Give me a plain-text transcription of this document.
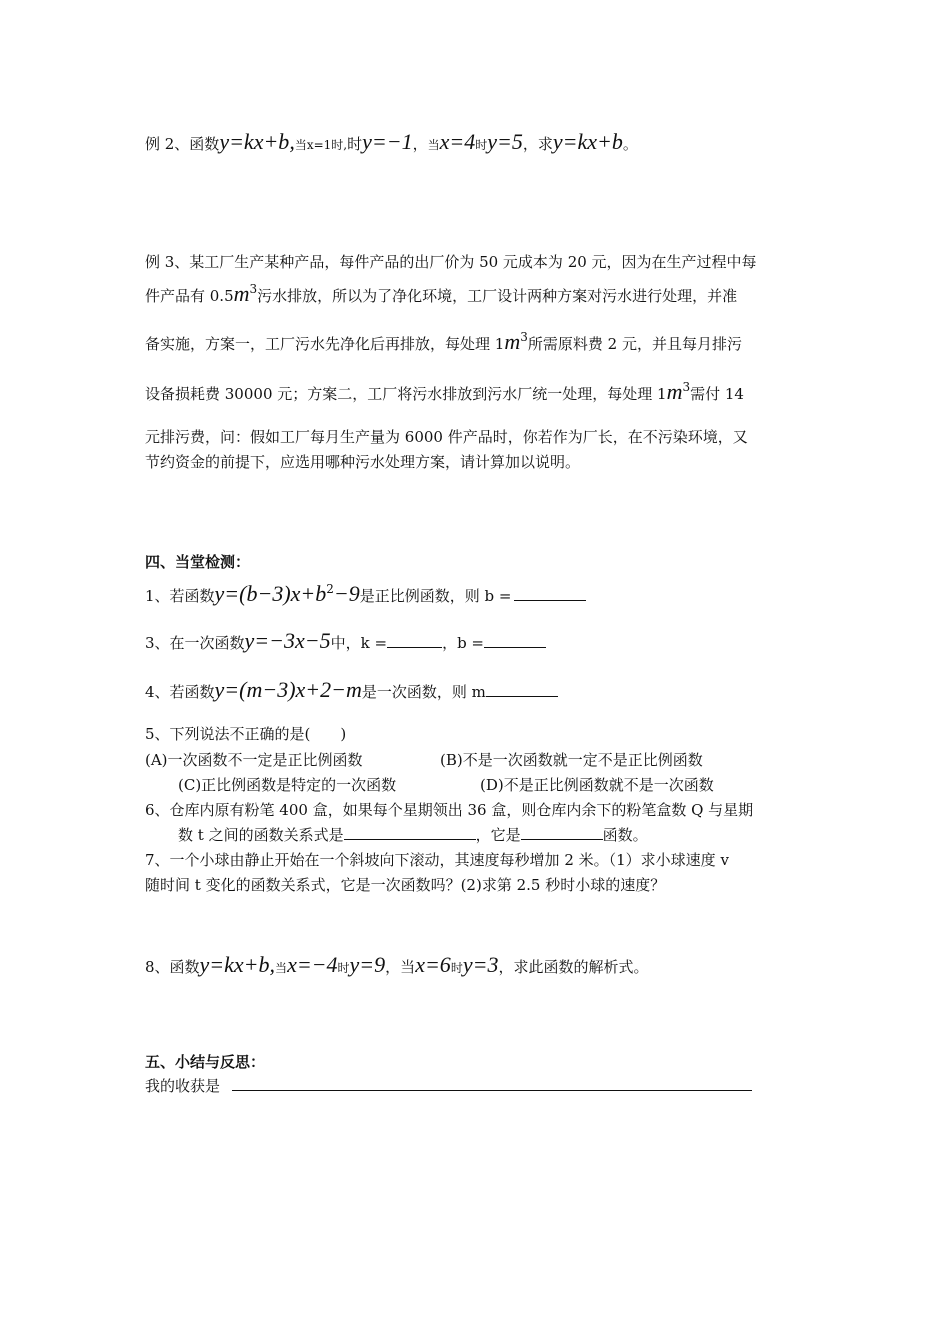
例 2、函数y=kx+b,当x=1时,时y=−1，当x=4时y=5，求y=kx+b。
例 3、某工厂生产某种产品，每件产品的出厂价为 50 元成本为 20 元，因为在生产过程中每
件产品有 $0.5m^3$污水排放，所以为了净化环境，工厂设计两种方案对污水进行处理，并准
备实施，方案一，工厂污水先净化后再排放，每处理 $1m^3$所需原料费 2 元，并且每月排污
设备损耗费 30000 元；方案二，工厂将污水排放到污水厂统一处理，每处理 $1m^3$需付 14
元排污费，问：假如工厂每月生产量为 6000 件产品时，你若作为厂长，在不污染环境，又
节约资金的前提下，应选用哪种污水处理方案，请计算加以说明。
四、当堂检测：
1、若函数$y=(b-3)x+b^2-9$是正比例函数，则 b =
3、在一次函数y=−3x−5中，k =	，b =
4、若函数y=(m−3)x+2−m是一次函数，则 m
5、下列说法不正确的是(　　)
(A)一次函数不一定是正比例函数	(B)不是一次函数就一定不是正比例函数
(C)正比例函数是特定的一次函数	(D)不是正比例函数就不是一次函数
6、仓库内原有粉笔 400 盒，如果每个星期领出 36 盒，则仓库内余下的粉笔盒数 Q 与星期
数 t 之间的函数关系式是	，它是	函数。
7、一个小球由静止开始在一个斜坡向下滚动，其速度每秒增加 2 米。（1）求小球速度 v
随时间 t 变化的函数关系式，它是一次函数吗？(2)求第 2.5 秒时小球的速度？
8、函数y=kx+b,当x=−4时y=9，当x=6时y=3，求此函数的解析式。
五、小结与反思：
我的收获是
